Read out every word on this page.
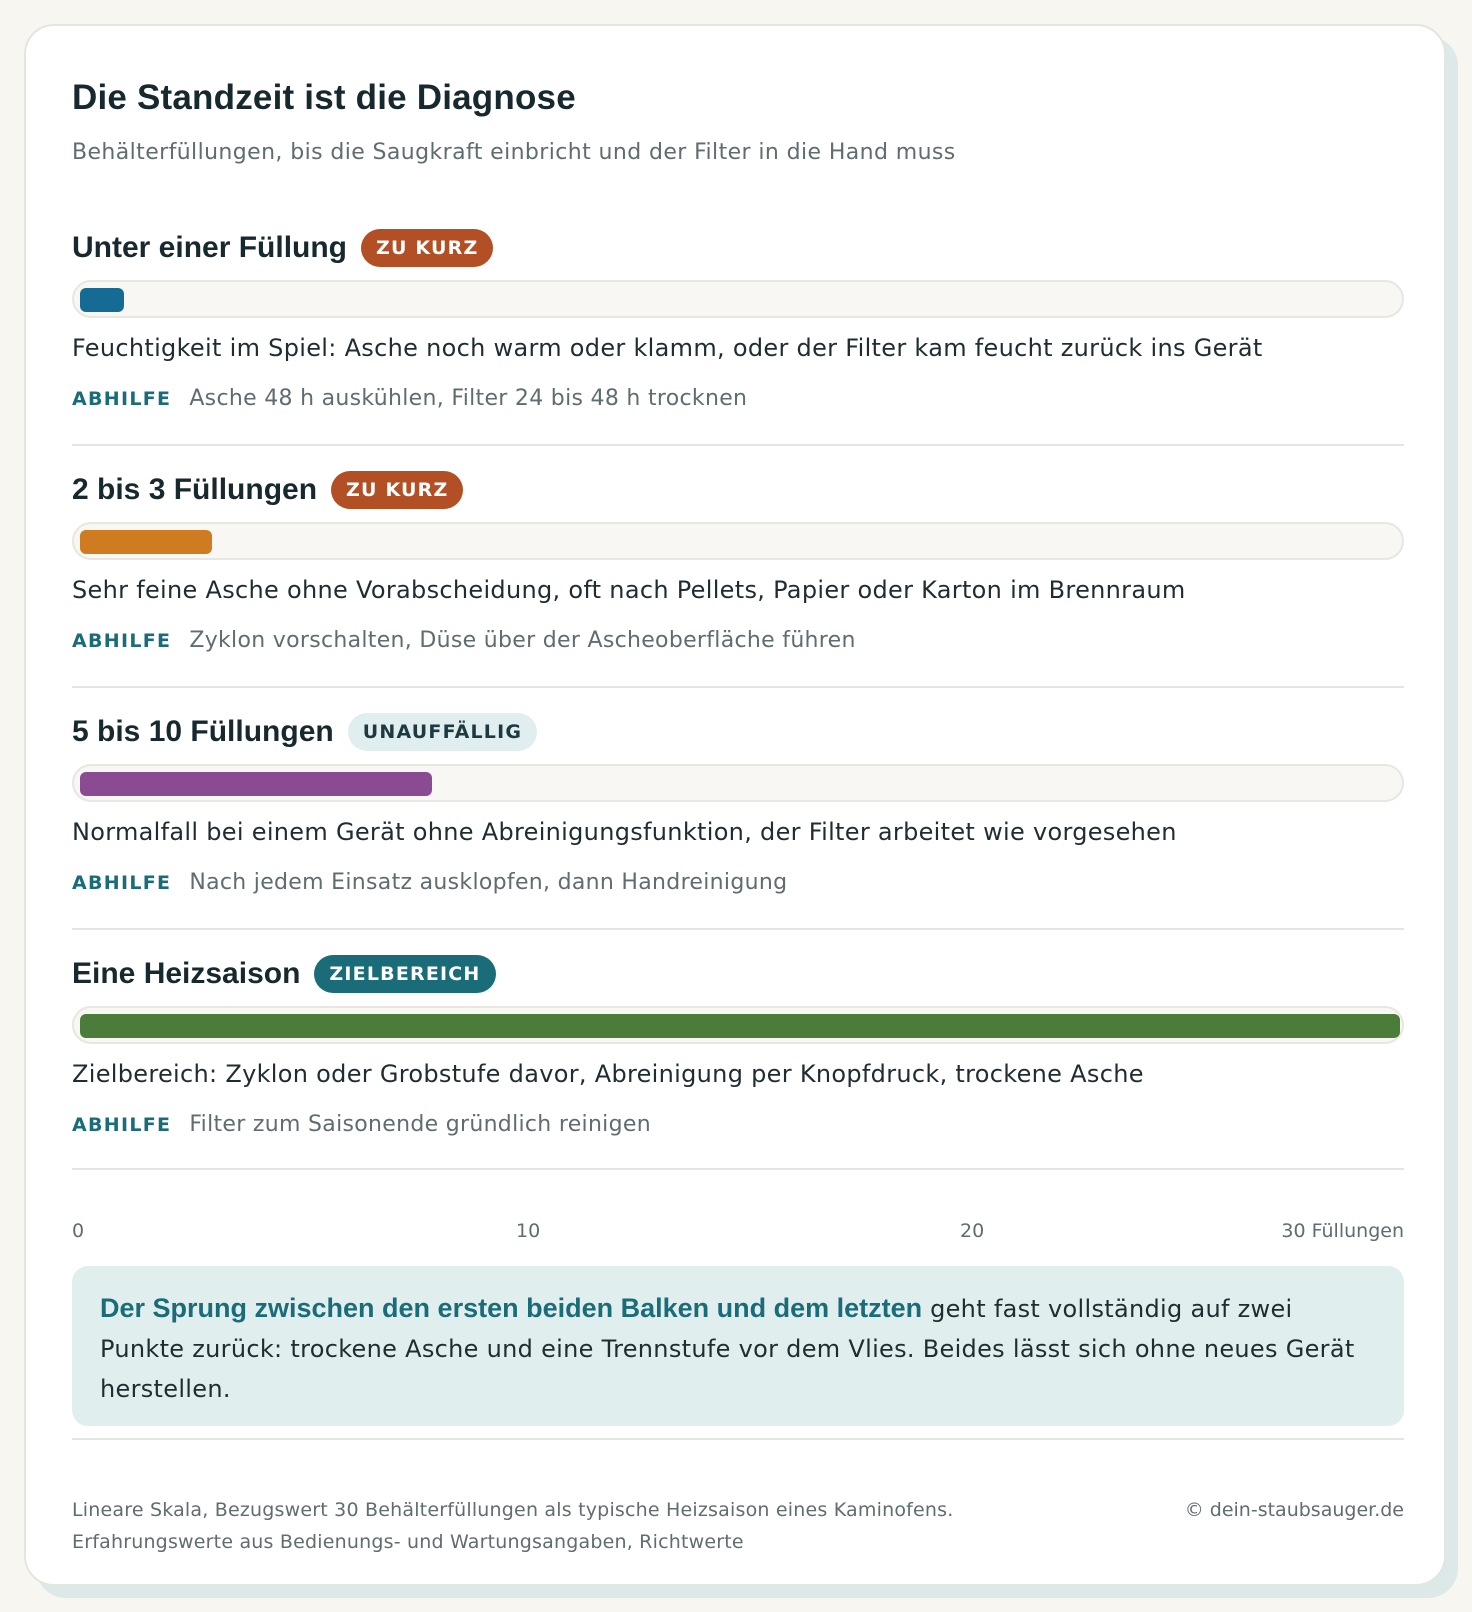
Die Standzeit ist die Diagnose
Behälterfüllungen, bis die Saugkraft einbricht und der Filter in die Hand muss
Unter einer Füllung	ZU KURZ
Feuchtigkeit im Spiel: Asche noch warm oder klamm, oder der Filter kam feucht zurück ins Gerät
ABHILFE Asche 48 h auskühlen, Filter 24 bis 48 h trocknen
2 bis 3 Füllungen	ZU KURZ
Sehr feine Asche ohne Vorabscheidung, oft nach Pellets, Papier oder Karton im Brennraum
ABHILFE Zyklon vorschalten, Düse über der Ascheoberfläche führen
5 bis 10 Füllungen	UNAUFFÄLLIG
Normalfall bei einem Gerät ohne Abreinigungsfunktion, der Filter arbeitet wie vorgesehen
ABHILFE Nach jedem Einsatz ausklopfen, dann Handreinigung
Eine Heizsaison	ZIELBEREICH
Zielbereich: Zyklon oder Grobstufe davor, Abreinigung per Knopfdruck, trockene Asche
ABHILFE Filter zum Saisonende gründlich reinigen
0	10	20	30 Füllungen
Der Sprung zwischen den ersten beiden Balken und dem letzten geht fast vollständig auf zwei Punkte zurück: trockene Asche und eine Trennstufe vor dem Vlies. Beides lässt sich ohne neues Gerät herstellen.
Lineare Skala, Bezugswert 30 Behälterfüllungen als typische Heizsaison eines Kaminofens.
Erfahrungswerte aus Bedienungs- und Wartungsangaben, Richtwerte
© dein-staubsauger.de
